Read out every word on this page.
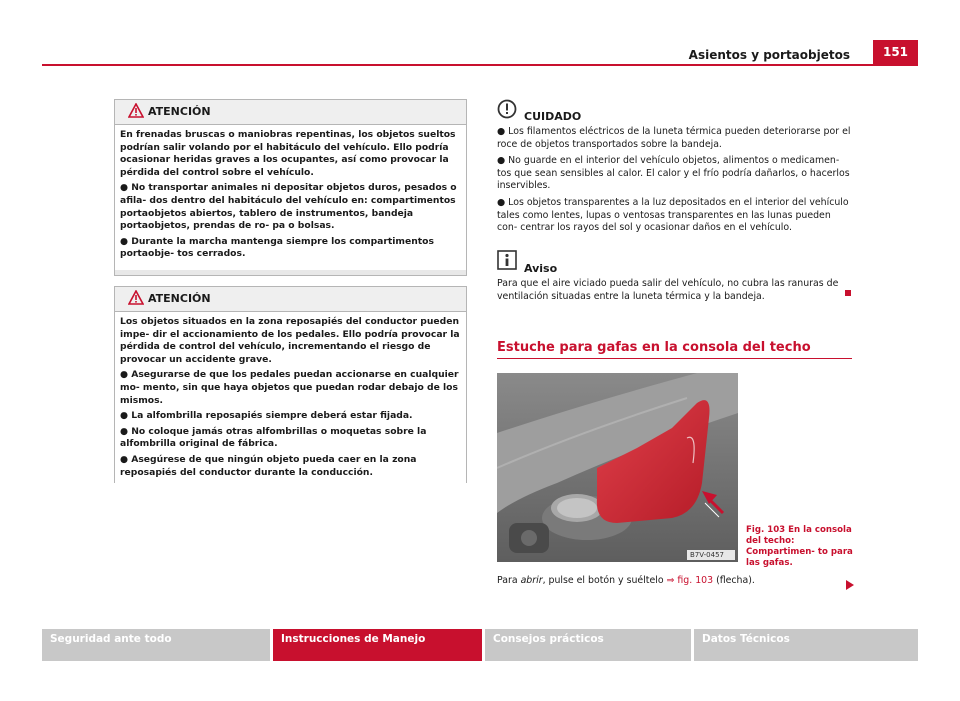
Asientos y portaobjetos	151
ATENCIÓN

En frenadas bruscas o maniobras repentinas, los objetos sueltos podrían salir volando por el habitáculo del vehículo. Ello podría ocasionar heridas graves a los ocupantes, así como provocar la pérdida del control sobre el vehículo.

● No transportar animales ni depositar objetos duros, pesados o afila- dos dentro del habitáculo del vehículo en: compartimentos portaobjetos abiertos, tablero de instrumentos, bandeja portaobjetos, prendas de ro- pa o bolsas.

● Durante la marcha mantenga siempre los compartimentos portaobje- tos cerrados.

ATENCIÓN

Los objetos situados en la zona reposapiés del conductor pueden impe- dir el accionamiento de los pedales. Ello podría provocar la pérdida de control del vehículo, incrementando el riesgo de provocar un accidente grave.

● Asegurarse de que los pedales puedan accionarse en cualquier mo- mento, sin que haya objetos que puedan rodar debajo de los mismos.

● La alfombrilla reposapiés siempre deberá estar fijada.

● No coloque jamás otras alfombrillas o moquetas sobre la alfombrilla original de fábrica.

● Asegúrese de que ningún objeto pueda caer en la zona reposapiés del conductor durante la conducción.

CUIDADO

● Los filamentos eléctricos de la luneta térmica pueden deteriorarse por el roce de objetos transportados sobre la bandeja.

● No guarde en el interior del vehículo objetos, alimentos o medicamen- tos que sean sensibles al calor. El calor y el frío podría dañarlos, o hacerlos inservibles.

● Los objetos transparentes a la luz depositados en el interior del vehículo tales como lentes, lupas o ventosas transparentes en las lunas pueden con- centrar los rayos del sol y ocasionar daños en el vehículo.

Aviso
Para que el aire viciado pueda salir del vehículo, no cubra las ranuras de ventilación situadas entre la luneta térmica y la bandeja.
Estuche para gafas en la consola del techo
B7V-0457
Fig. 103 En la consola del techo: Compartimen- to para las gafas.
Para abrir, pulse el botón y suéltelo ⇒ fig. 103 (flecha).
Seguridad ante todo	Instrucciones de Manejo	Consejos prácticos	Datos Técnicos
